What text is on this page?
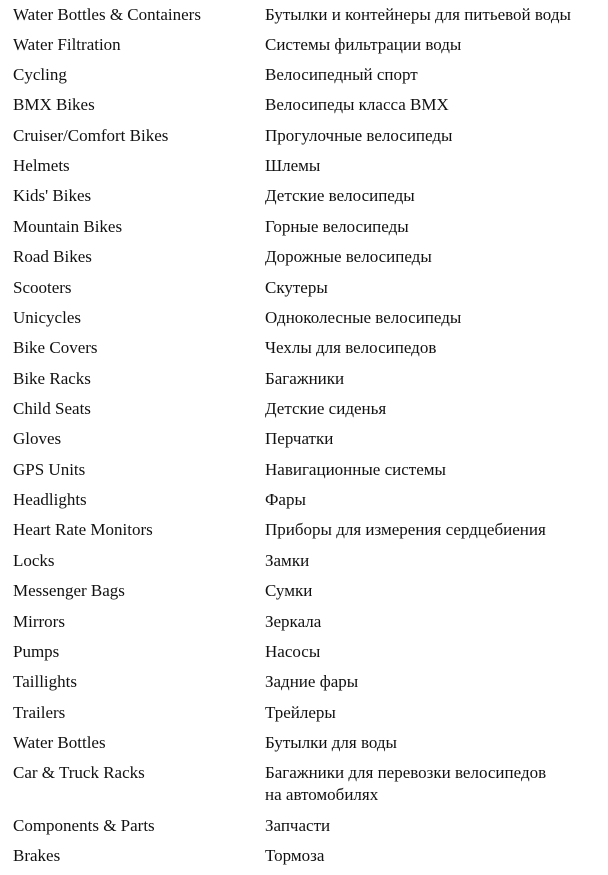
Water Bottles & Containers	Бутылки и контейнеры для питьевой воды
Water Filtration	Системы фильтрации воды
Cycling	Велосипедный спорт
BMX Bikes	Велосипеды класса BMX
Cruiser/Comfort Bikes	Прогулочные велосипеды
Helmets	Шлемы
Kids' Bikes	Детские велосипеды
Mountain Bikes	Горные велосипеды
Road Bikes	Дорожные велосипеды
Scooters	Скутеры
Unicycles	Одноколесные велосипеды
Bike Covers	Чехлы для велосипедов
Bike Racks	Багажники
Child Seats	Детские сиденья
Gloves	Перчатки
GPS Units	Навигационные системы
Headlights	Фары
Heart Rate Monitors	Приборы для измерения сердцебиения
Locks	Замки
Messenger Bags	Сумки
Mirrors	Зеркала
Pumps	Насосы
Taillights	Задние фары
Trailers	Трейлеры
Water Bottles	Бутылки для воды
Car & Truck Racks	Багажники для перевозки велосипедов
на автомобилях
Components & Parts	Запчасти
Brakes	Тормоза
